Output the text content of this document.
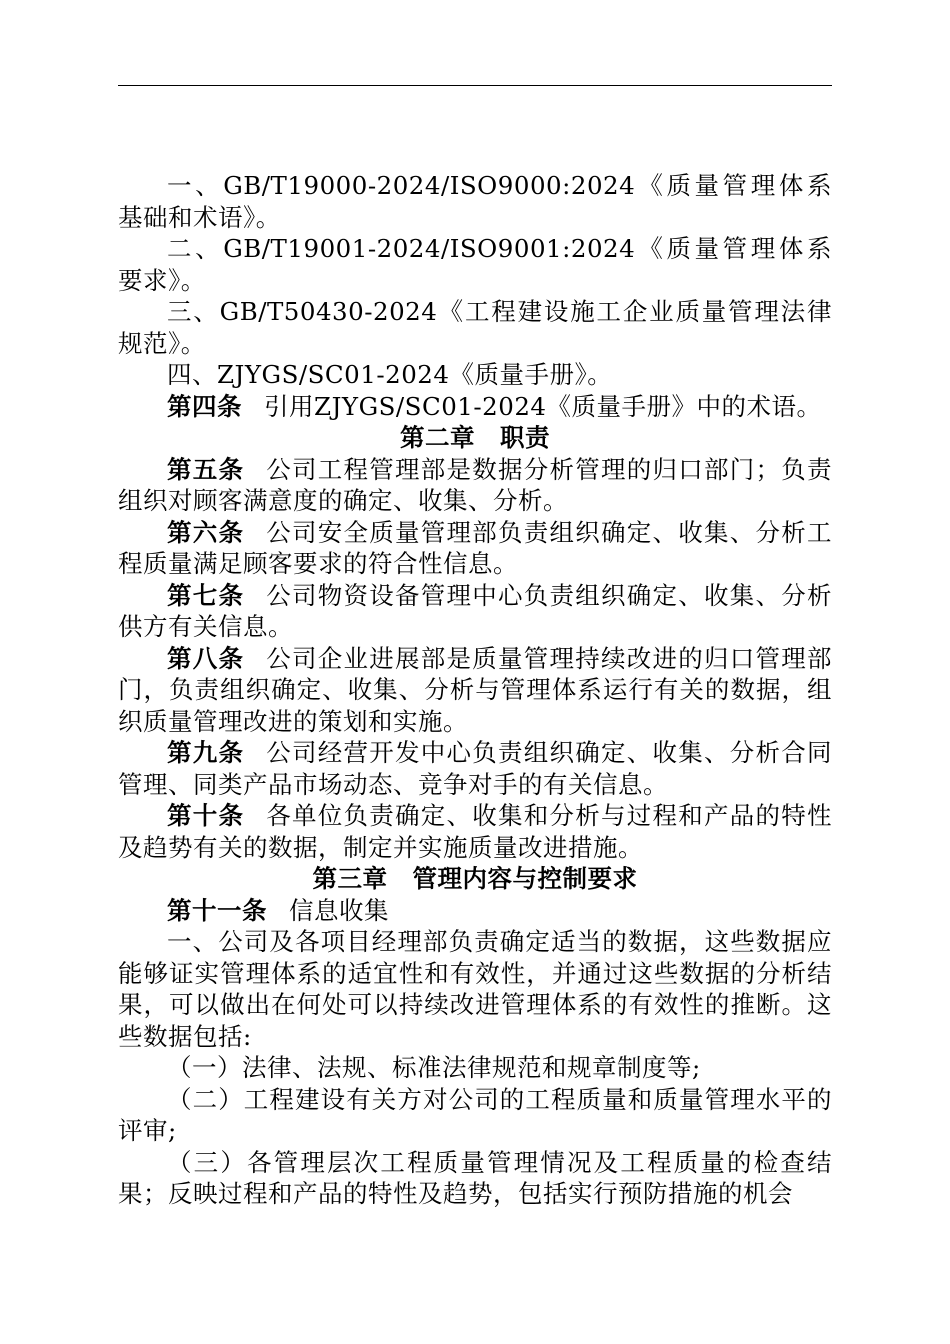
一、GB/T19000-2024/ISO9000:2024《质量管理体系　基础和术语》。

二、GB/T19001-2024/ISO9001:2024《质量管理体系　要求》。

三、GB/T50430-2024《工程建设施工企业质量管理法律规范》。

四、ZJYGS/SC01-2024《质量手册》。

第四条 引用ZJYGS/SC01-2024《质量手册》中的术语。

第二章　职责

第五条 公司工程管理部是数据分析管理的归口部门；负责组织对顾客满意度的确定、收集、分析。

第六条 公司安全质量管理部负责组织确定、收集、分析工程质量满足顾客要求的符合性信息。

第七条 公司物资设备管理中心负责组织确定、收集、分析供方有关信息。

第八条 公司企业进展部是质量管理持续改进的归口管理部门，负责组织确定、收集、分析与管理体系运行有关的数据，组织质量管理改进的策划和实施。

第九条 公司经营开发中心负责组织确定、收集、分析合同管理、同类产品市场动态、竞争对手的有关信息。

第十条 各单位负责确定、收集和分析与过程和产品的特性及趋势有关的数据，制定并实施质量改进措施。

第三章　管理内容与控制要求

第十一条 信息收集

一、公司及各项目经理部负责确定适当的数据，这些数据应能够证实管理体系的适宜性和有效性，并通过这些数据的分析结果，可以做出在何处可以持续改进管理体系的有效性的推断。这些数据包括:

（一）法律、法规、标准法律规范和规章制度等;

（二）工程建设有关方对公司的工程质量和质量管理水平的评审;

（三）各管理层次工程质量管理情况及工程质量的检查结果；反映过程和产品的特性及趋势，包括实行预防措施的机会
